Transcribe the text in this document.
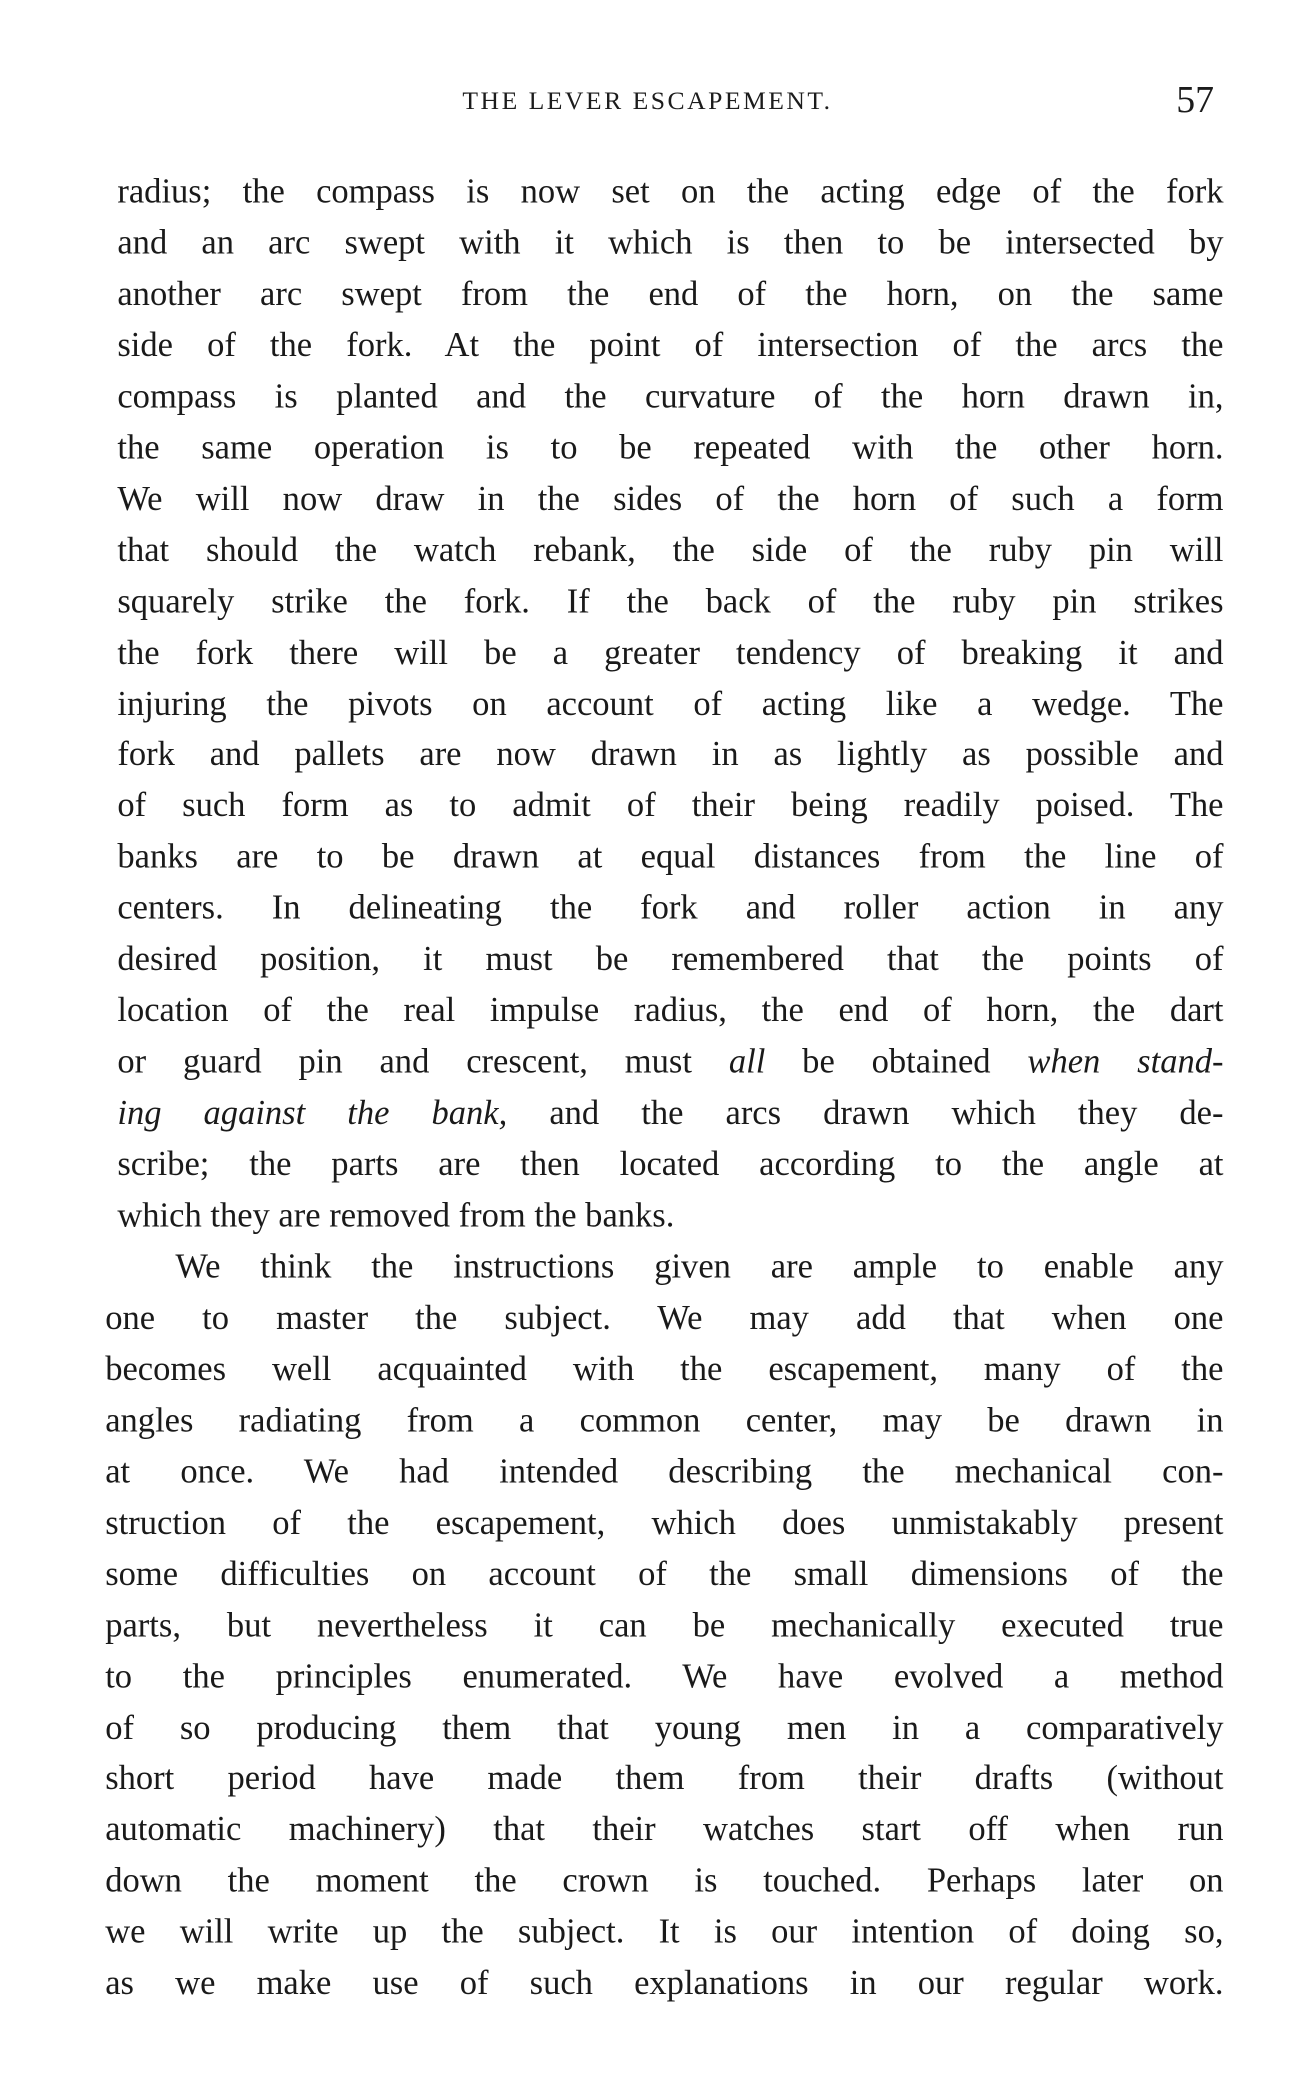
THE LEVER ESCAPEMENT.	57
radius; the compass is now set on the acting edge of the fork
and an arc swept with it which is then to be intersected by
another arc swept from the end of the horn, on the same
side of the fork. At the point of intersection of the arcs the
compass is planted and the curvature of the horn drawn in,
the same operation is to be repeated with the other horn.
We will now draw in the sides of the horn of such a form
that should the watch rebank, the side of the ruby pin will
squarely strike the fork. If the back of the ruby pin strikes
the fork there will be a greater tendency of breaking it and
injuring the pivots on account of acting like a wedge. The
fork and pallets are now drawn in as lightly as possible and
of such form as to admit of their being readily poised. The
banks are to be drawn at equal distances from the line of
centers. In delineating the fork and roller action in any
desired position, it must be remembered that the points of
location of the real impulse radius, the end of horn, the dart
or guard pin and crescent, must all be obtained when stand-
ing against the bank, and the arcs drawn which they de-
scribe; the parts are then located according to the angle at
which they are removed from the banks.
We think the instructions given are ample to enable any
one to master the subject. We may add that when one
becomes well acquainted with the escapement, many of the
angles radiating from a common center, may be drawn in
at once. We had intended describing the mechanical con-
struction of the escapement, which does unmistakably present
some difficulties on account of the small dimensions of the
parts, but nevertheless it can be mechanically executed true
to the principles enumerated. We have evolved a method
of so producing them that young men in a comparatively
short period have made them from their drafts (without
automatic machinery) that their watches start off when run
down the moment the crown is touched. Perhaps later on
we will write up the subject. It is our intention of doing so,
as we make use of such explanations in our regular work.
